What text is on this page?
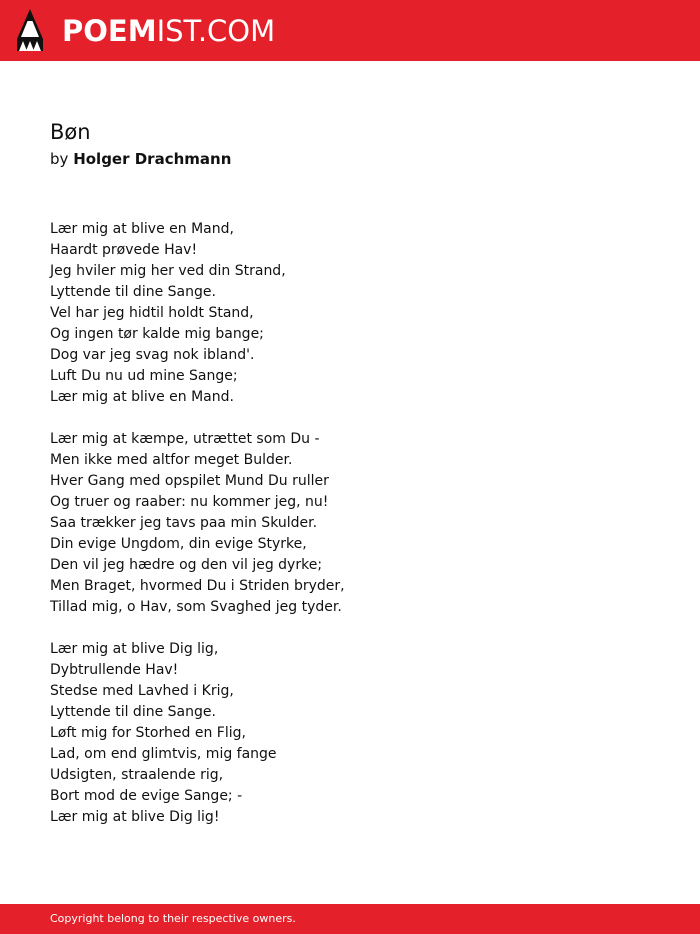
POEMIST.COM
Bøn
by Holger Drachmann
Lær mig at blive en Mand,
Haardt prøvede Hav!
Jeg hviler mig her ved din Strand,
Lyttende til dine Sange.
Vel har jeg hidtil holdt Stand,
Og ingen tør kalde mig bange;
Dog var jeg svag nok ibland'.
Luft Du nu ud mine Sange;
Lær mig at blive en Mand.
Lær mig at kæmpe, utrættet som Du -
Men ikke med altfor meget Bulder.
Hver Gang med opspilet Mund Du ruller
Og truer og raaber: nu kommer jeg, nu!
Saa trækker jeg tavs paa min Skulder.
Din evige Ungdom, din evige Styrke,
Den vil jeg hædre og den vil jeg dyrke;
Men Braget, hvormed Du i Striden bryder,
Tillad mig, o Hav, som Svaghed jeg tyder.
Lær mig at blive Dig lig,
Dybtrullende Hav!
Stedse med Lavhed i Krig,
Lyttende til dine Sange.
Løft mig for Storhed en Flig,
Lad, om end glimtvis, mig fange
Udsigten, straalende rig,
Bort mod de evige Sange; -
Lær mig at blive Dig lig!
Copyright belong to their respective owners.
